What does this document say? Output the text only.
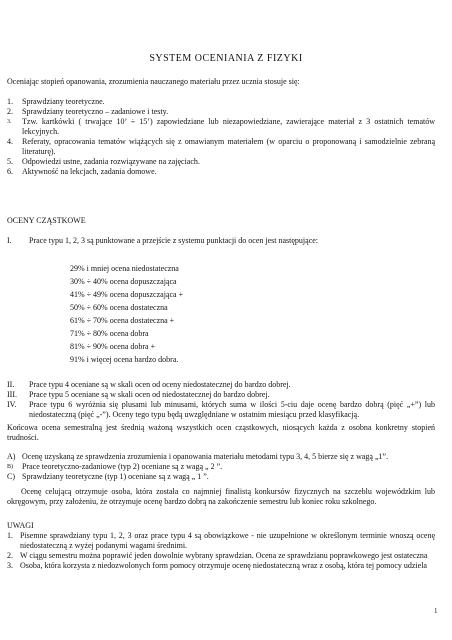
SYSTEM OCENIANIA Z FIZYKI
Oceniając stopień opanowania, zrozumienia nauczanego materiału przez ucznia stosuje się:
1.	Sprawdziany teoretyczne.
2.	Sprawdziany teoretyczno – zadaniowe i testy.
3.	Tzw. kartkówki ( trwające 10’ ÷ 15’) zapowiedziane lub niezapowiedziane, zawierające materiał z 3 ostatnich tematów lekcyjnych.
4.	Referaty, opracowania tematów wiążących się z omawianym materiałem (w oparciu o proponowaną i samodzielnie zebraną literaturę).
5.	Odpowiedzi ustne, zadania rozwiązywane na zajęciach.
6.	Aktywność na lekcjach, zadania domowe.
OCENY CZĄSTKOWE
I.	Prace typu 1, 2, 3 są punktowane a przejście z systemu punktacji do ocen jest następujące:
29% i mniej ocena niedostateczna
30% ÷ 40% ocena dopuszczająca
41% ÷ 49% ocena dopuszczająca +
50% ÷ 60% ocena dostateczna
61% ÷ 70% ocena dostateczna +
71% ÷ 80% ocena dobra
81% ÷ 90% ocena dobra +
91% i więcej ocena bardzo dobra.
II.	Prace typu 4 oceniane są w skali ocen od oceny niedostatecznej do bardzo dobrej.
III.	Prace typu 5 oceniane są w skali ocen od niedostatecznej do bardzo dobrej.
IV.	Prace typu 6 wyróżnia się plusami lub minusami, których suma w ilości 5-ciu daje ocenę bardzo dobrą (pięć „+”) lub niedostateczną (pięć „-”). Oceny tego typu będą uwzględniane w ostatnim miesiącu przed klasyfikacją.
Końcowa ocena semestralną jest średnią ważoną wszystkich ocen cząstkowych, niosących każda z osobna konkretny stopień trudności.
A) Ocenę uzyskaną ze sprawdzenia zrozumienia i opanowania materiału metodami typu 3, 4, 5 bierze się z wagą „1”.
B)	Prace teoretyczno-zadaniowe (typ 2) oceniane są z wagą „ 2 ”.
C) Sprawdziany teoretyczne (typ 1) oceniane są z wagą „ 1 ”.
Ocenę celującą otrzymuje osoba, która została co najmniej finalistą konkursów fizycznych na szczeblu wojewódzkim lub okręgowym, przy założeniu, że otrzymuje ocenę bardzo dobrą na zakończenie semestru lub koniec roku szkolnego.
UWAGI
1. Pisemne sprawdziany typu 1, 2, 3 oraz prace typu 4 są obowiązkowe - nie uzupełnione w określonym terminie wnoszą ocenę niedostateczną z wyżej podanymi wagami średnimi.
2. W ciągu semestru można poprawić jeden dowolnie wybrany sprawdzian. Ocena ze sprawdzianu poprawkowego jest ostateczna
3. Osoba, która korzysta z niedozwolonych form pomocy otrzymuje ocenę niedostateczną wraz z osobą, która tej pomocy udziela
1
